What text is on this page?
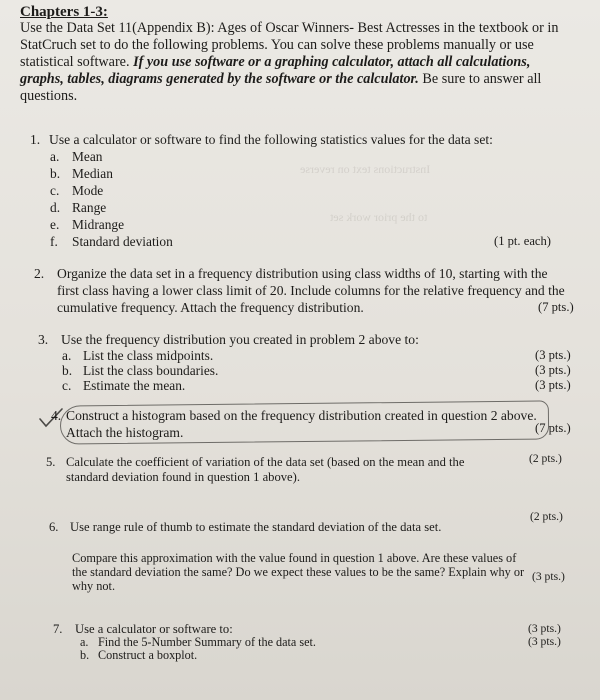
Instructions text on reverse
to the prior work set
Chapters 1-3:

Use the Data Set 11(Appendix B): Ages of Oscar Winners- Best Actresses in the textbook or in

StatCruch set to do the following problems. You can solve these problems manually or use

statistical software. If you use software or a graphing calculator, attach all calculations,

graphs, tables, diagrams generated by the software or the calculator. Be sure to answer all

questions.

1. Use a calculator or software to find the following statistics values for the data set:
a. Mean
b. Median
c. Mode
d. Range
e. Midrange
f. Standard deviation	(1 pt. each)
2. Organize the data set in a frequency distribution using class widths of 10, starting with the
first class having a lower class limit of 20. Include columns for the relative frequency and the
cumulative frequency. Attach the frequency distribution.	(7 pts.)
3. Use the frequency distribution you created in problem 2 above to:
a. List the class midpoints.	(3 pts.)
b. List the class boundaries.	(3 pts.)
c. Estimate the mean.	(3 pts.)
4. Construct a histogram based on the frequency distribution created in question 2 above.
Attach the histogram.	(7 pts.)
5. Calculate the coefficient of variation of the data set (based on the mean and the
standard deviation found in question 1 above).
(2 pts.)
6. Use range rule of thumb to estimate the standard deviation of the data set.
(2 pts.)
Compare this approximation with the value found in question 1 above. Are these values of
the standard deviation the same? Do we expect these values to be the same? Explain why or
why not.
(3 pts.)
7. Use a calculator or software to:
a. Find the 5-Number Summary of the data set.
(3 pts.)
b. Construct a boxplot.
(3 pts.)
